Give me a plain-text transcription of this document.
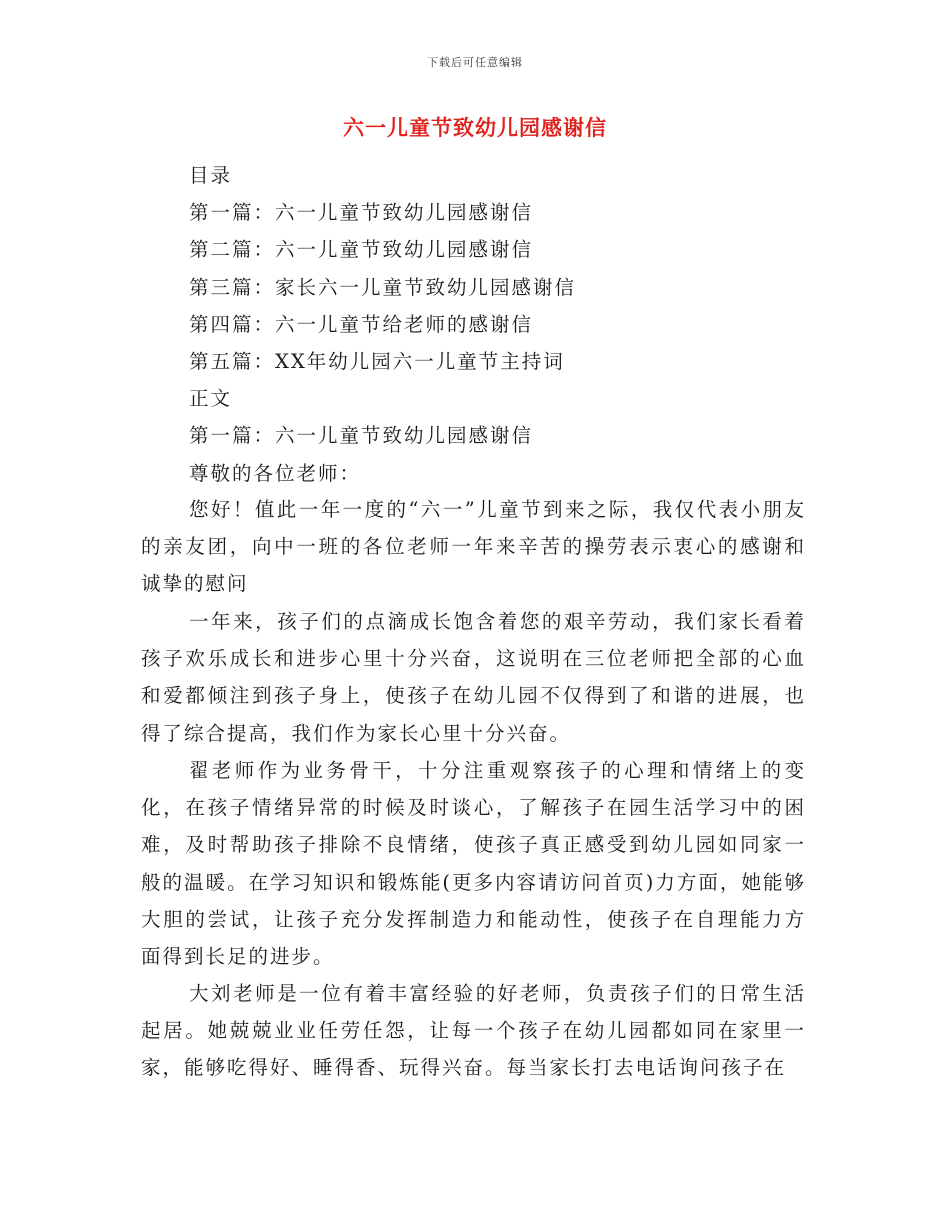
下载后可任意编辑
六一儿童节致幼儿园感谢信
目录
第一篇：六一儿童节致幼儿园感谢信
第二篇：六一儿童节致幼儿园感谢信
第三篇：家长六一儿童节致幼儿园感谢信
第四篇：六一儿童节给老师的感谢信
第五篇：XX年幼儿园六一儿童节主持词
正文
第一篇：六一儿童节致幼儿园感谢信
尊敬的各位老师：

您好！值此一年一度的“六一”儿童节到来之际，我仅代表小朋友的亲友团，向中一班的各位老师一年来辛苦的操劳表示衷心的感谢和诚挚的慰问

一年来，孩子们的点滴成长饱含着您的艰辛劳动，我们家长看着孩子欢乐成长和进步心里十分兴奋，这说明在三位老师把全部的心血和爱都倾注到孩子身上，使孩子在幼儿园不仅得到了和谐的进展，也得了综合提高，我们作为家长心里十分兴奋。

翟老师作为业务骨干，十分注重观察孩子的心理和情绪上的变化，在孩子情绪异常的时候及时谈心，了解孩子在园生活学习中的困难，及时帮助孩子排除不良情绪，使孩子真正感受到幼儿园如同家一般的温暖。在学习知识和锻炼能(更多内容请访问首页)力方面，她能够大胆的尝试，让孩子充分发挥制造力和能动性，使孩子在自理能力方面得到长足的进步。

大刘老师是一位有着丰富经验的好老师，负责孩子们的日常生活起居。她兢兢业业任劳任怨，让每一个孩子在幼儿园都如同在家里一家，能够吃得好、睡得香、玩得兴奋。每当家长打去电话询问孩子在
